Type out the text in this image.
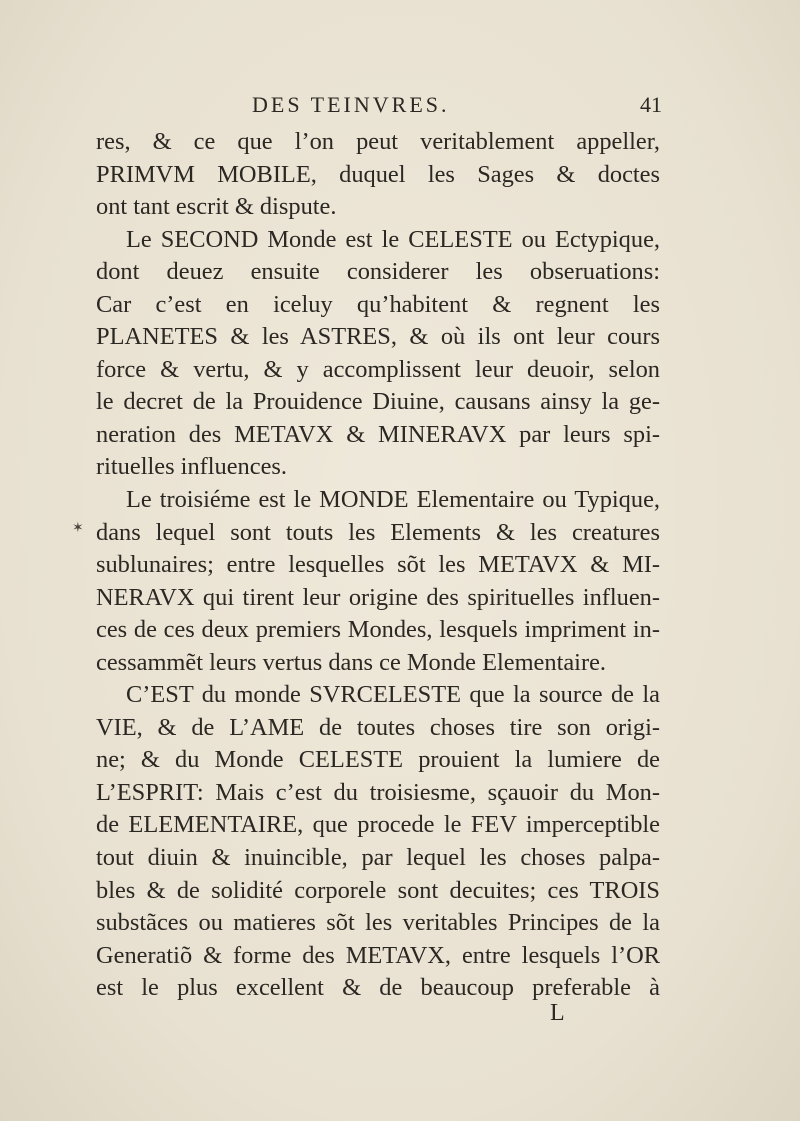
DES TEINVRES.	41
✶
res, & ce que l’on peut veritablement appeller,
PRIMVM MOBILE, duquel les Sages & doctes
ont tant escrit & dispute.
Le SECOND Monde est le CELESTE ou Ectypique,
dont deuez ensuite considerer les obseruations:
Car c’est en iceluy qu’habitent & regnent les
PLANETES & les ASTRES, & où ils ont leur cours
force & vertu, & y accomplissent leur deuoir, selon
le decret de la Prouidence Diuine, causans ainsy la ge-
neration des METAVX & MINERAVX par leurs spi-
rituelles influences.
Le troisiéme est le MONDE Elementaire ou Typique,
dans lequel sont touts les Elements & les creatures
sublunaires; entre lesquelles sõt les METAVX & MI-
NERAVX qui tirent leur origine des spirituelles influen-
ces de ces deux premiers Mondes, lesquels impriment in-
cessammẽt leurs vertus dans ce Monde Elementaire.
C’EST du monde SVRCELESTE que la source de la
VIE, & de L’AME de toutes choses tire son origi-
ne; & du Monde CELESTE prouient la lumiere de
L’ESPRIT: Mais c’est du troisiesme, sçauoir du Mon-
de ELEMENTAIRE, que procede le FEV imperceptible
tout diuin & inuincible, par lequel les choses palpa-
bles & de solidité corporele sont decuites; ces TROIS
substãces ou matieres sõt les veritables Principes de la
Generatiõ & forme des METAVX, entre lesquels l’OR
est le plus excellent & de beaucoup preferable à
L
